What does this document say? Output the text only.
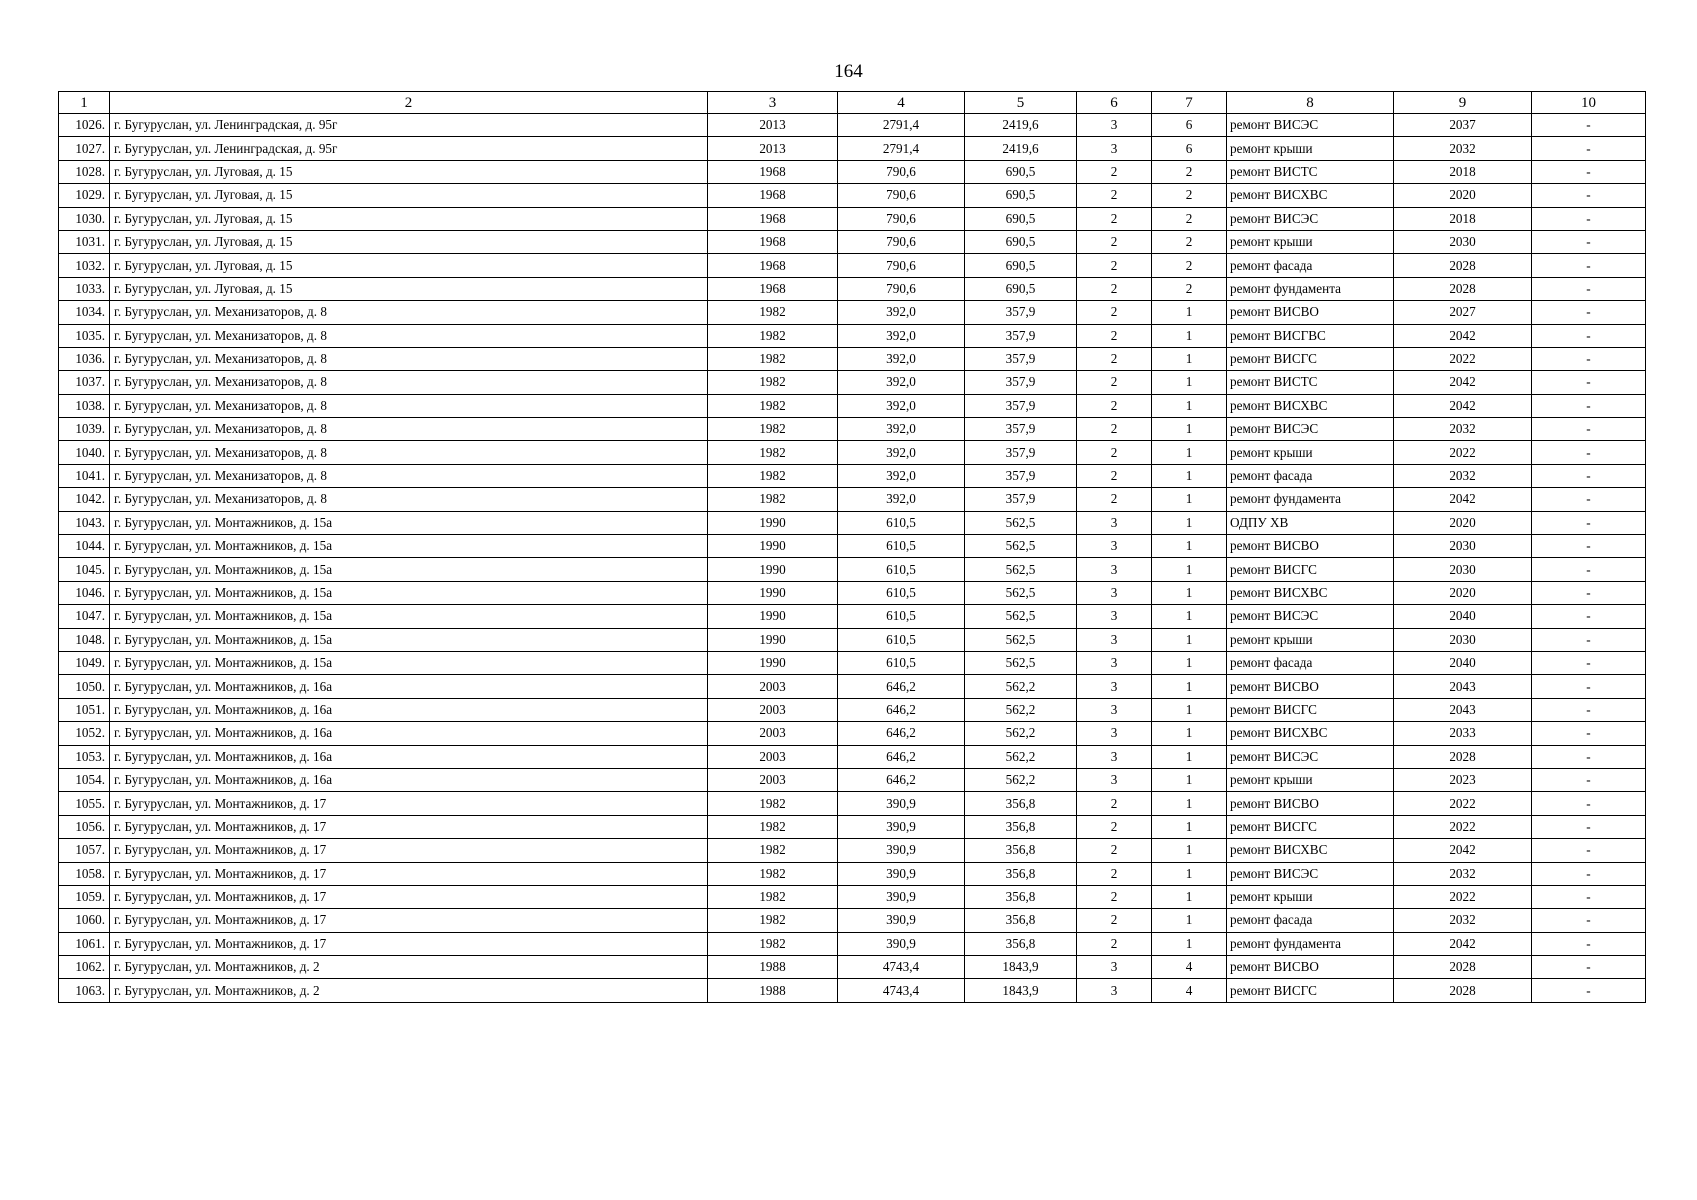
164
1	2	3	4	5	6	7	8	9	10
1026.	г. Бугуруслан, ул. Ленинградская, д. 95г	2013	2791,4	2419,6	3	6	ремонт ВИСЭС	2037	-
1027.	г. Бугуруслан, ул. Ленинградская, д. 95г	2013	2791,4	2419,6	3	6	ремонт крыши	2032	-
1028.	г. Бугуруслан, ул. Луговая, д. 15	1968	790,6	690,5	2	2	ремонт ВИСТС	2018	-
1029.	г. Бугуруслан, ул. Луговая, д. 15	1968	790,6	690,5	2	2	ремонт ВИСХВС	2020	-
1030.	г. Бугуруслан, ул. Луговая, д. 15	1968	790,6	690,5	2	2	ремонт ВИСЭС	2018	-
1031.	г. Бугуруслан, ул. Луговая, д. 15	1968	790,6	690,5	2	2	ремонт крыши	2030	-
1032.	г. Бугуруслан, ул. Луговая, д. 15	1968	790,6	690,5	2	2	ремонт фасада	2028	-
1033.	г. Бугуруслан, ул. Луговая, д. 15	1968	790,6	690,5	2	2	ремонт фундамента	2028	-
1034.	г. Бугуруслан, ул. Механизаторов, д. 8	1982	392,0	357,9	2	1	ремонт ВИСВО	2027	-
1035.	г. Бугуруслан, ул. Механизаторов, д. 8	1982	392,0	357,9	2	1	ремонт ВИСГВС	2042	-
1036.	г. Бугуруслан, ул. Механизаторов, д. 8	1982	392,0	357,9	2	1	ремонт ВИСГС	2022	-
1037.	г. Бугуруслан, ул. Механизаторов, д. 8	1982	392,0	357,9	2	1	ремонт ВИСТС	2042	-
1038.	г. Бугуруслан, ул. Механизаторов, д. 8	1982	392,0	357,9	2	1	ремонт ВИСХВС	2042	-
1039.	г. Бугуруслан, ул. Механизаторов, д. 8	1982	392,0	357,9	2	1	ремонт ВИСЭС	2032	-
1040.	г. Бугуруслан, ул. Механизаторов, д. 8	1982	392,0	357,9	2	1	ремонт крыши	2022	-
1041.	г. Бугуруслан, ул. Механизаторов, д. 8	1982	392,0	357,9	2	1	ремонт фасада	2032	-
1042.	г. Бугуруслан, ул. Механизаторов, д. 8	1982	392,0	357,9	2	1	ремонт фундамента	2042	-
1043.	г. Бугуруслан, ул. Монтажников, д. 15а	1990	610,5	562,5	3	1	ОДПУ ХВ	2020	-
1044.	г. Бугуруслан, ул. Монтажников, д. 15а	1990	610,5	562,5	3	1	ремонт ВИСВО	2030	-
1045.	г. Бугуруслан, ул. Монтажников, д. 15а	1990	610,5	562,5	3	1	ремонт ВИСГС	2030	-
1046.	г. Бугуруслан, ул. Монтажников, д. 15а	1990	610,5	562,5	3	1	ремонт ВИСХВС	2020	-
1047.	г. Бугуруслан, ул. Монтажников, д. 15а	1990	610,5	562,5	3	1	ремонт ВИСЭС	2040	-
1048.	г. Бугуруслан, ул. Монтажников, д. 15а	1990	610,5	562,5	3	1	ремонт крыши	2030	-
1049.	г. Бугуруслан, ул. Монтажников, д. 15а	1990	610,5	562,5	3	1	ремонт фасада	2040	-
1050.	г. Бугуруслан, ул. Монтажников, д. 16а	2003	646,2	562,2	3	1	ремонт ВИСВО	2043	-
1051.	г. Бугуруслан, ул. Монтажников, д. 16а	2003	646,2	562,2	3	1	ремонт ВИСГС	2043	-
1052.	г. Бугуруслан, ул. Монтажников, д. 16а	2003	646,2	562,2	3	1	ремонт ВИСХВС	2033	-
1053.	г. Бугуруслан, ул. Монтажников, д. 16а	2003	646,2	562,2	3	1	ремонт ВИСЭС	2028	-
1054.	г. Бугуруслан, ул. Монтажников, д. 16а	2003	646,2	562,2	3	1	ремонт крыши	2023	-
1055.	г. Бугуруслан, ул. Монтажников, д. 17	1982	390,9	356,8	2	1	ремонт ВИСВО	2022	-
1056.	г. Бугуруслан, ул. Монтажников, д. 17	1982	390,9	356,8	2	1	ремонт ВИСГС	2022	-
1057.	г. Бугуруслан, ул. Монтажников, д. 17	1982	390,9	356,8	2	1	ремонт ВИСХВС	2042	-
1058.	г. Бугуруслан, ул. Монтажников, д. 17	1982	390,9	356,8	2	1	ремонт ВИСЭС	2032	-
1059.	г. Бугуруслан, ул. Монтажников, д. 17	1982	390,9	356,8	2	1	ремонт крыши	2022	-
1060.	г. Бугуруслан, ул. Монтажников, д. 17	1982	390,9	356,8	2	1	ремонт фасада	2032	-
1061.	г. Бугуруслан, ул. Монтажников, д. 17	1982	390,9	356,8	2	1	ремонт фундамента	2042	-
1062.	г. Бугуруслан, ул. Монтажников, д. 2	1988	4743,4	1843,9	3	4	ремонт ВИСВО	2028	-
1063.	г. Бугуруслан, ул. Монтажников, д. 2	1988	4743,4	1843,9	3	4	ремонт ВИСГС	2028	-
